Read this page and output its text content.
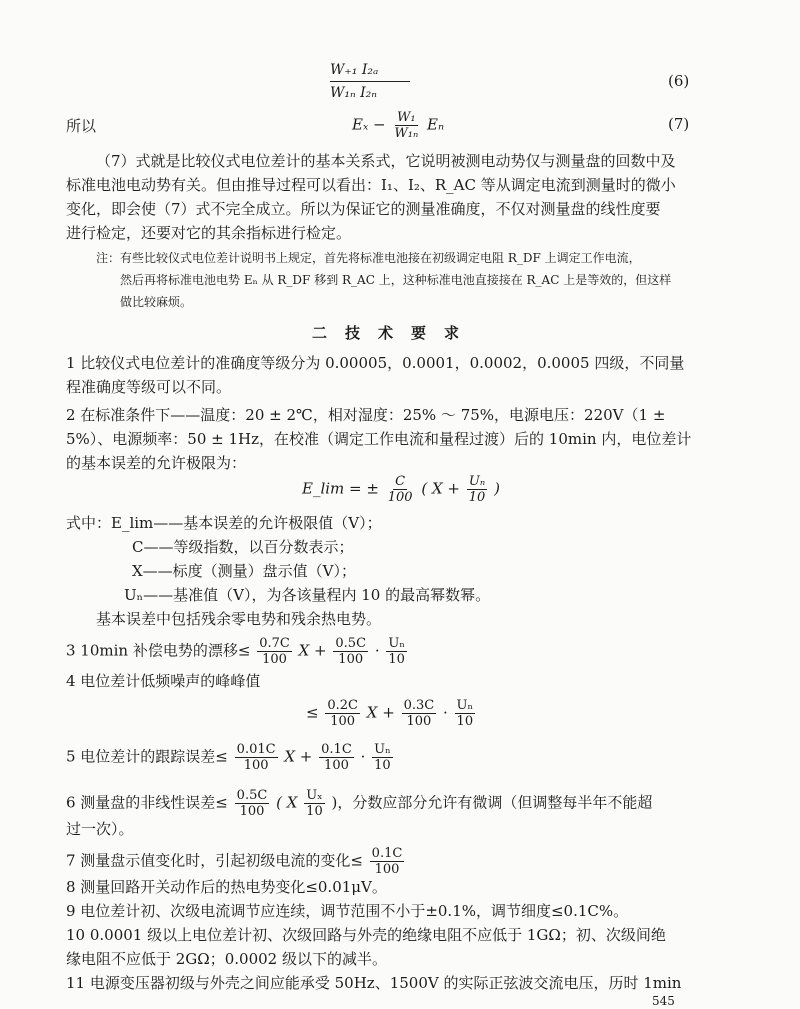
W₊₁ I₂ₐ
W₁ₙ I₂ₙ
(6)
所以	$E_x - \frac{\text{W₁}}{\text{W₁ₙ}}$ Eₙ	(7)
（7）式就是比较仪式电位差计的基本关系式，它说明被测电动势仅与测量盘的回数中及
标准电池电动势有关。但由推导过程可以看出：I₁、I₂、R_AC 等从调定电流到测量时的微小
变化，即会使（7）式不完全成立。所以为保证它的测量准确度，不仅对测量盘的线性度要
进行检定，还要对它的其余指标进行检定。
注：有些比较仪式电位差计说明书上规定，首先将标准电池接在初级调定电阻 R_DF 上调定工作电流，
然后再将标准电池电势 Eₙ 从 R_DF 移到 R_AC 上，这种标准电池直接接在 R_AC 上是等效的，但这样
做比较麻烦。
二技术要求
1 比较仪式电位差计的准确度等级分为 0.00005，0.0001，0.0002，0.0005 四级，不同量
程准确度等级可以不同。
2 在标准条件下——温度：20 ± 2℃，相对湿度：25% ～ 75%，电源电压：220V（1 ±
5%）、电源频率：50 ± 1Hz，在校准（调定工作电流和量程过渡）后的 10min 内，电位差计
的基本误差的允许极限为：
E_lim = ± $\frac{C}{100}$ ( $X + \frac{\text{Uₙ}}{10}$ )
式中：E_lim——基本误差的允许极限值（V）；
C——等级指数，以百分数表示；
X——标度（测量）盘示值（V）；
Uₙ——基准值（V），为各该量程内 10 的最高幂数幂。
基本误差中包括残余零电势和残余热电势。
3 10min 补偿电势的漂移≤ $\frac{0.7C}{100}$ $X + \frac{0.5C}{100} \cdot \frac{\text{Uₙ}}{10}$
4 电位差计低频噪声的峰峰值
≤ $\frac{0.2C}{100}$ $X + \frac{0.3C}{100} \cdot \frac{\text{Uₙ}}{10}$
5 电位差计的跟踪误差≤ $\frac{0.01C}{100}$ $X + \frac{0.1C}{100} \cdot \frac{\text{Uₙ}}{10}$
6 测量盘的非线性误差≤ $\frac{0.5C}{100}$ ( X $\frac{\text{Uₓ}}{10}$ )，分数应部分允许有微调（但调整每半年不能超
过一次）。
7 测量盘示值变化时，引起初级电流的变化≤ $\frac{0.1C}{100}$
8 测量回路开关动作后的热电势变化≤0.01μV。
9 电位差计初、次级电流调节应连续，调节范围不小于±0.1%，调节细度≤0.1C%。
10 0.0001 级以上电位差计初、次级回路与外壳的绝缘电阻不应低于 1GΩ；初、次级间绝
缘电阻不应低于 2GΩ；0.0002 级以下的减半。
11 电源变压器初级与外壳之间应能承受 50Hz、1500V 的实际正弦波交流电压，历时 1min
545
